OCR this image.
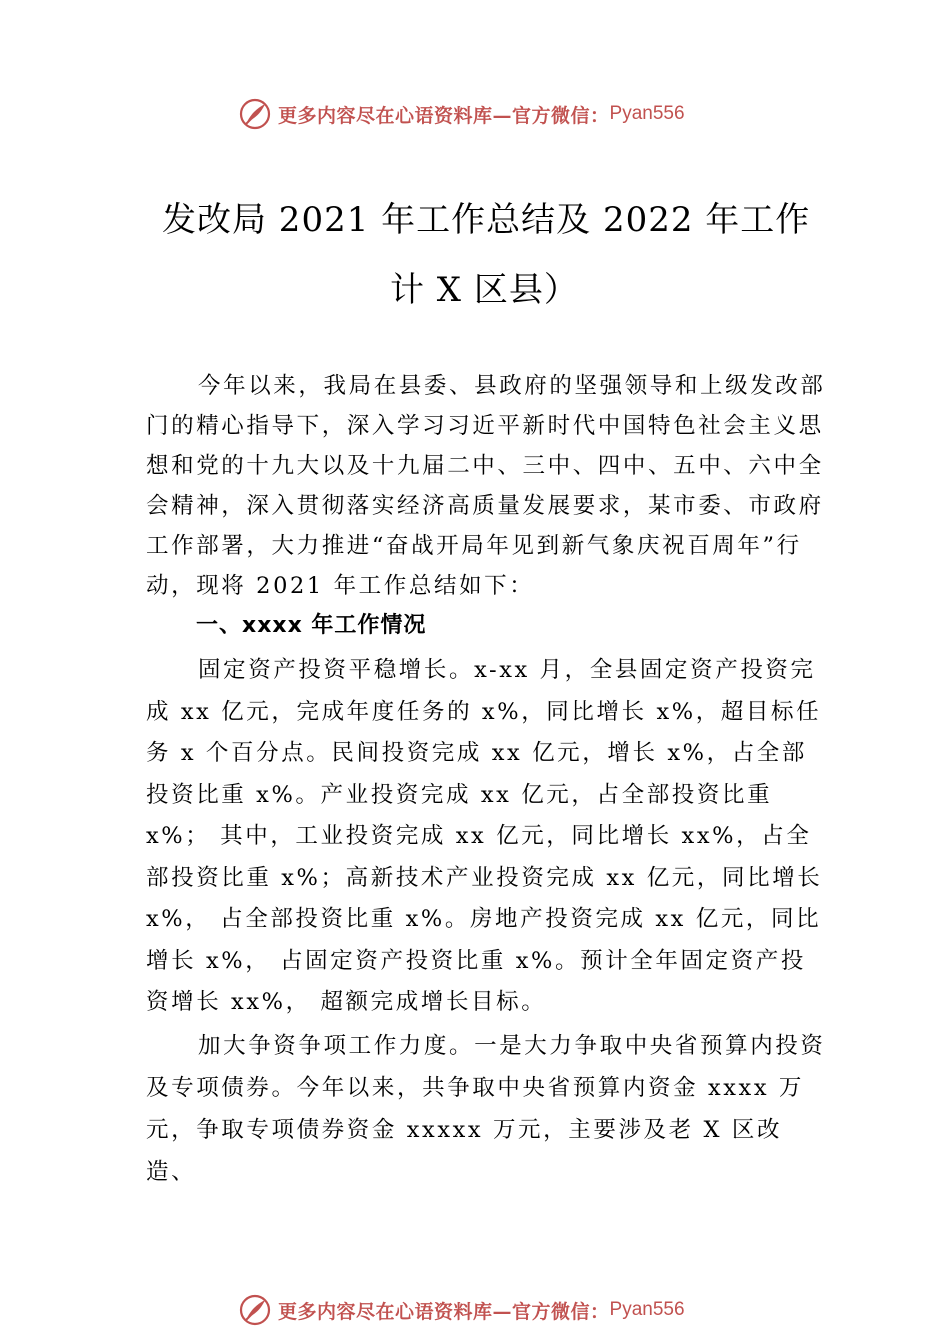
更多内容尽在心语资料库—官方微信： Pyan556
发改局 2021 年工作总结及 2022 年工作
计 X 区县）

今年以来，我局在县委、县政府的坚强领导和上级发改部门的精心指导下，深入学习习近平新时代中国特色社会主义思想和党的十九大以及十九届二中、三中、四中、五中、六中全会精神，深入贯彻落实经济高质量发展要求，某市委、市政府工作部署，大力推进“奋战开局年见到新气象庆祝百周年”行动，现将 2021 年工作总结如下：

一、xxxx 年工作情况

固定资产投资平稳增长。x-xx 月，全县固定资产投资完成 xx 亿元，完成年度任务的 x%，同比增长 x%，超目标任务 x 个百分点。民间投资完成 xx 亿元，增长 x%，占全部投资比重 x%。产业投资完成 xx 亿元，占全部投资比重 x%； 其中，工业投资完成 xx 亿元，同比增长 xx%，占全部投资比重 x%；高新技术产业投资完成 xx 亿元，同比增长 x%， 占全部投资比重 x%。房地产投资完成 xx 亿元，同比增长 x%， 占固定资产投资比重 x%。预计全年固定资产投资增长 xx%， 超额完成增长目标。

加大争资争项工作力度。一是大力争取中央省预算内投资及专项债券。今年以来，共争取中央省预算内资金 xxxx 万元，争取专项债券资金 xxxxx 万元，主要涉及老 X 区改造、

更多内容尽在心语资料库—官方微信： Pyan556
